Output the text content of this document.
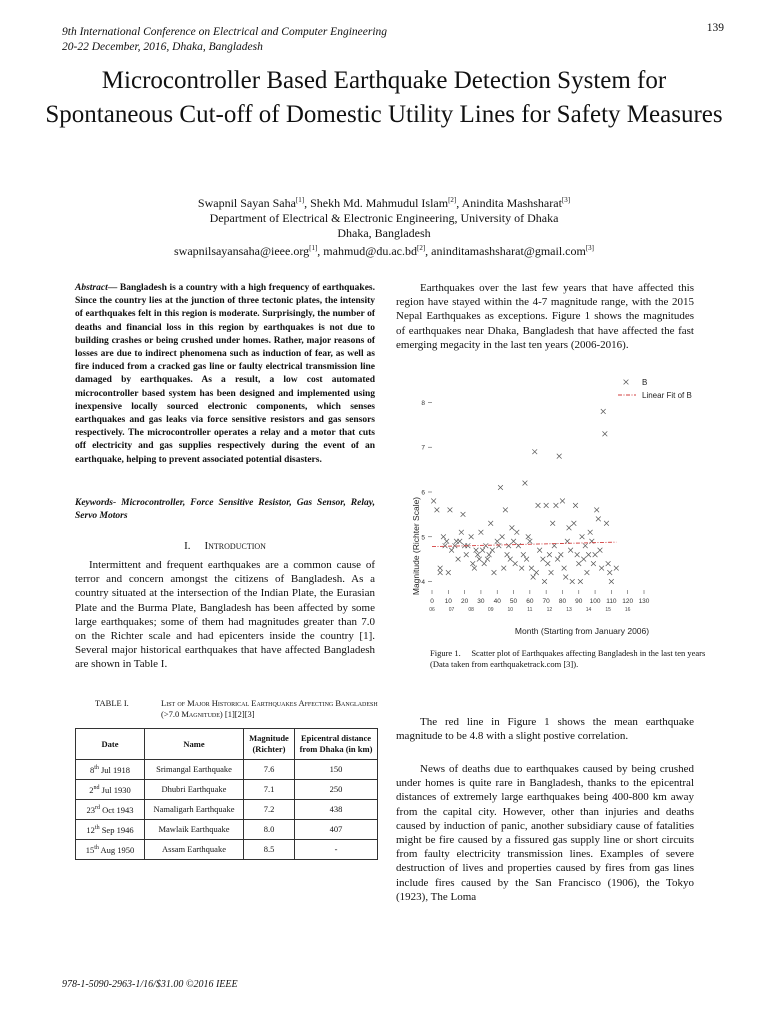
9th International Conference on Electrical and Computer Engineering
20-22 December, 2016, Dhaka, Bangladesh
139
Microcontroller Based Earthquake Detection System for Spontaneous Cut-off of Domestic Utility Lines for Safety Measures
Swapnil Sayan Saha[1], Shekh Md. Mahmudul Islam[2], Anindita Mashsharat[3]
Department of Electrical & Electronic Engineering, University of Dhaka
Dhaka, Bangladesh
swapnilsayansaha@ieee.org[1], mahmud@du.ac.bd[2], aninditamashsharat@gmail.com[3]
Abstract— Bangladesh is a country with a high frequency of earthquakes. Since the country lies at the junction of three tectonic plates, the intensity of earthquakes felt in this region is moderate. Surprisingly, the number of deaths and financial loss in this region by earthquakes is not due to building crashes or being crushed under homes. Rather, major reasons of losses are due to indirect phenomena such as induction of fear, as well as fire induced from a cracked gas line or faulty electrical transmission line damaged by earthquakes. As a result, a low cost automated microcontroller based system has been designed and implemented using inexpensive locally sourced electronic components, which senses earthquakes and gas leaks via force sensitive resistors and gas sensors respectively. The microcontroller operates a relay and a motor that cuts off electricity and gas supplies respectively during the event of an earthquake, helping to prevent associated potential disasters.
Keywords- Microcontroller, Force Sensitive Resistor, Gas Sensor, Relay, Servo Motors
I. Introduction
Intermittent and frequent earthquakes are a common cause of terror and concern amongst the citizens of Bangladesh. As a country situated at the intersection of the Indian Plate, the Eurasian Plate and the Burma Plate, Bangladesh has been affected by some large earthquakes; some of them had magnitudes greater than 7.0 on the Richter scale and had epicenters inside the country [1]. Several major historical earthquakes that have affected Bangladesh are shown in Table I.
TABLE I.	List of Major Historical Earthquakes Affecting Bangladesh (>7.0 Magnitude) [1][2][3]
Date	Name	Magnitude (Richter)	Epicentral distance from Dhaka (in km)
8th Jul 1918	Srimangal Earthquake	7.6	150
2nd Jul 1930	Dhubri Earthquake	7.1	250
23rd Oct 1943	Namaligarh Earthquake	7.2	438
12th Sep 1946	Mawlaik Earthquake	8.0	407
15th Aug 1950	Assam Earthquake	8.5	-
Earthquakes over the last few years that have affected this region have stayed within the 4-7 magnitude range, with the 2015 Nepal Earthquakes as exceptions. Figure 1 shows the magnitudes of earthquakes near Dhaka, Bangladesh that have affected the fast emerging megacity in the last ten years (2006-2016).
4
5
6
7
8
0 10 20 30 40 50 60 70 80 90 100 110 120 130
06	07	08	09	10	11	12	13	14	15	16
B
Linear Fit of B
Magnitude (Richter Scale)
Month (Starting from January 2006)
Figure 1. Scatter plot of Earthquakes affecting Bangladesh in the last ten years (Data taken from earthquaketrack.com [3]).
The red line in Figure 1 shows the mean earthquake magnitude to be 4.8 with a slight postive correlation.
News of deaths due to earthquakes caused by being crushed under homes is quite rare in Bangladesh, thanks to the epicentral distances of extremely large earthquakes being 400-800 km away from the capital city. However, other than injuries and deaths caused by induction of panic, another subsidiary cause of fatalities might be fire caused by a fissured gas supply line or short circuits from faulty electricity transmission lines. Examples of severe destruction of lives and properties caused by fires from gas lines include fires caused by the San Francisco (1906), the Tokyo (1923), The Loma
978-1-5090-2963-1/16/$31.00 ©2016 IEEE
